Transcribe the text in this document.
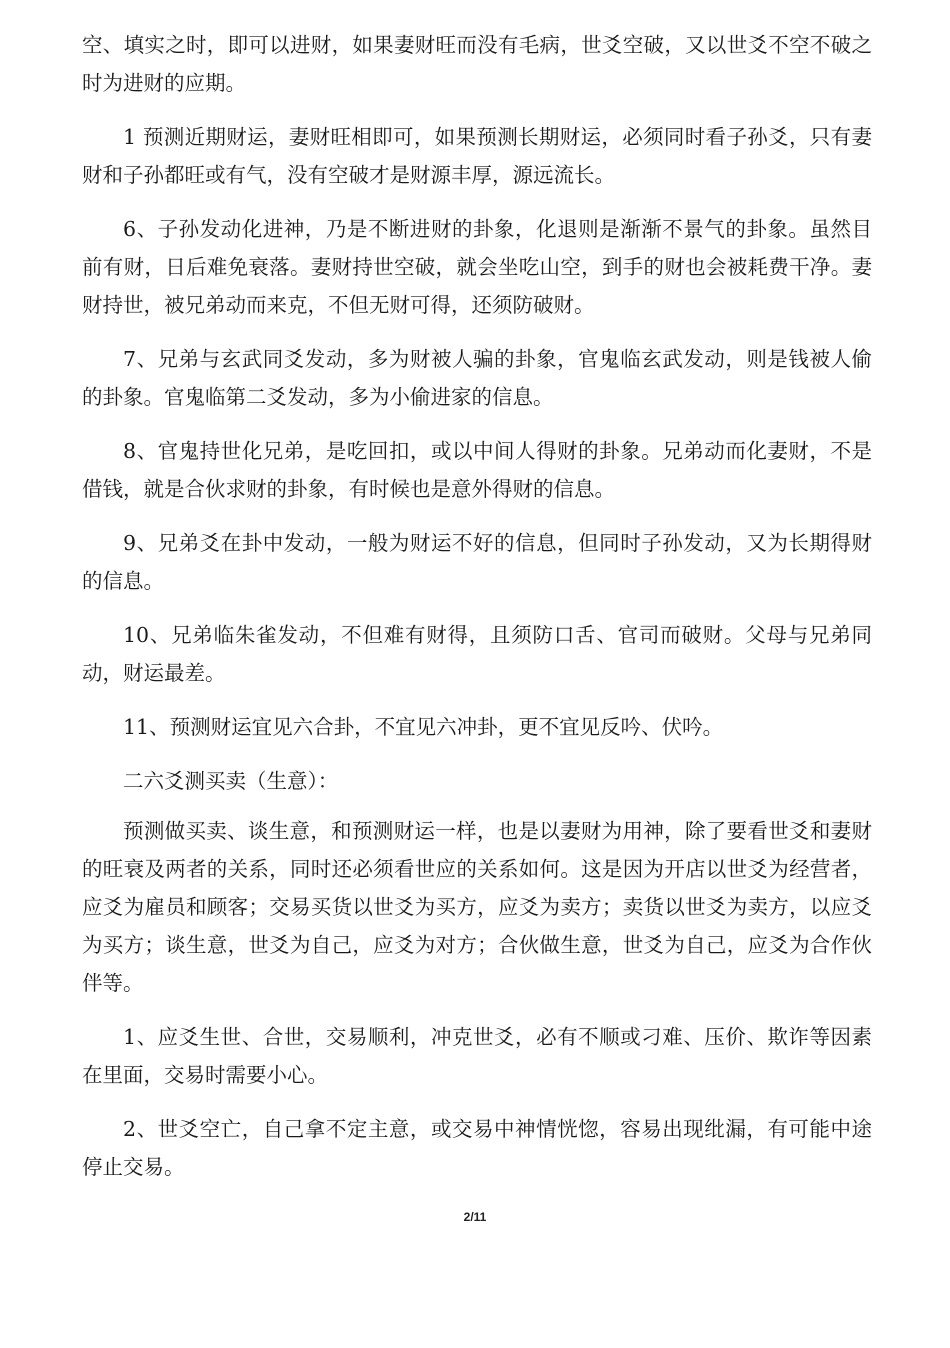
空、填实之时，即可以进财，如果妻财旺而没有毛病，世爻空破，又以世爻不空不破之时为进财的应期。

1 预测近期财运，妻财旺相即可，如果预测长期财运，必须同时看子孙爻，只有妻财和子孙都旺或有气，没有空破才是财源丰厚，源远流长。

6、子孙发动化进神，乃是不断进财的卦象，化退则是渐渐不景气的卦象。虽然目前有财，日后难免衰落。妻财持世空破，就会坐吃山空，到手的财也会被耗费干净。妻财持世，被兄弟动而来克，不但无财可得，还须防破财。

7、兄弟与玄武同爻发动，多为财被人骗的卦象，官鬼临玄武发动，则是钱被人偷的卦象。官鬼临第二爻发动，多为小偷进家的信息。

8、官鬼持世化兄弟，是吃回扣，或以中间人得财的卦象。兄弟动而化妻财，不是借钱，就是合伙求财的卦象，有时候也是意外得财的信息。

9、兄弟爻在卦中发动，一般为财运不好的信息，但同时子孙发动，又为长期得财的信息。

10、兄弟临朱雀发动，不但难有财得，且须防口舌、官司而破财。父母与兄弟同动，财运最差。

11、预测财运宜见六合卦，不宜见六冲卦，更不宜见反吟、伏吟。

二六爻测买卖（生意）：

预测做买卖、谈生意，和预测财运一样，也是以妻财为用神，除了要看世爻和妻财的旺衰及两者的关系，同时还必须看世应的关系如何。这是因为开店以世爻为经营者，应爻为雇员和顾客；交易买货以世爻为买方，应爻为卖方；卖货以世爻为卖方，以应爻为买方；谈生意，世爻为自己，应爻为对方；合伙做生意，世爻为自己，应爻为合作伙伴等。

1、应爻生世、合世，交易顺利，冲克世爻，必有不顺或刁难、压价、欺诈等因素在里面，交易时需要小心。

2、世爻空亡，自己拿不定主意，或交易中神情恍惚，容易出现纰漏，有可能中途停止交易。

2/11
